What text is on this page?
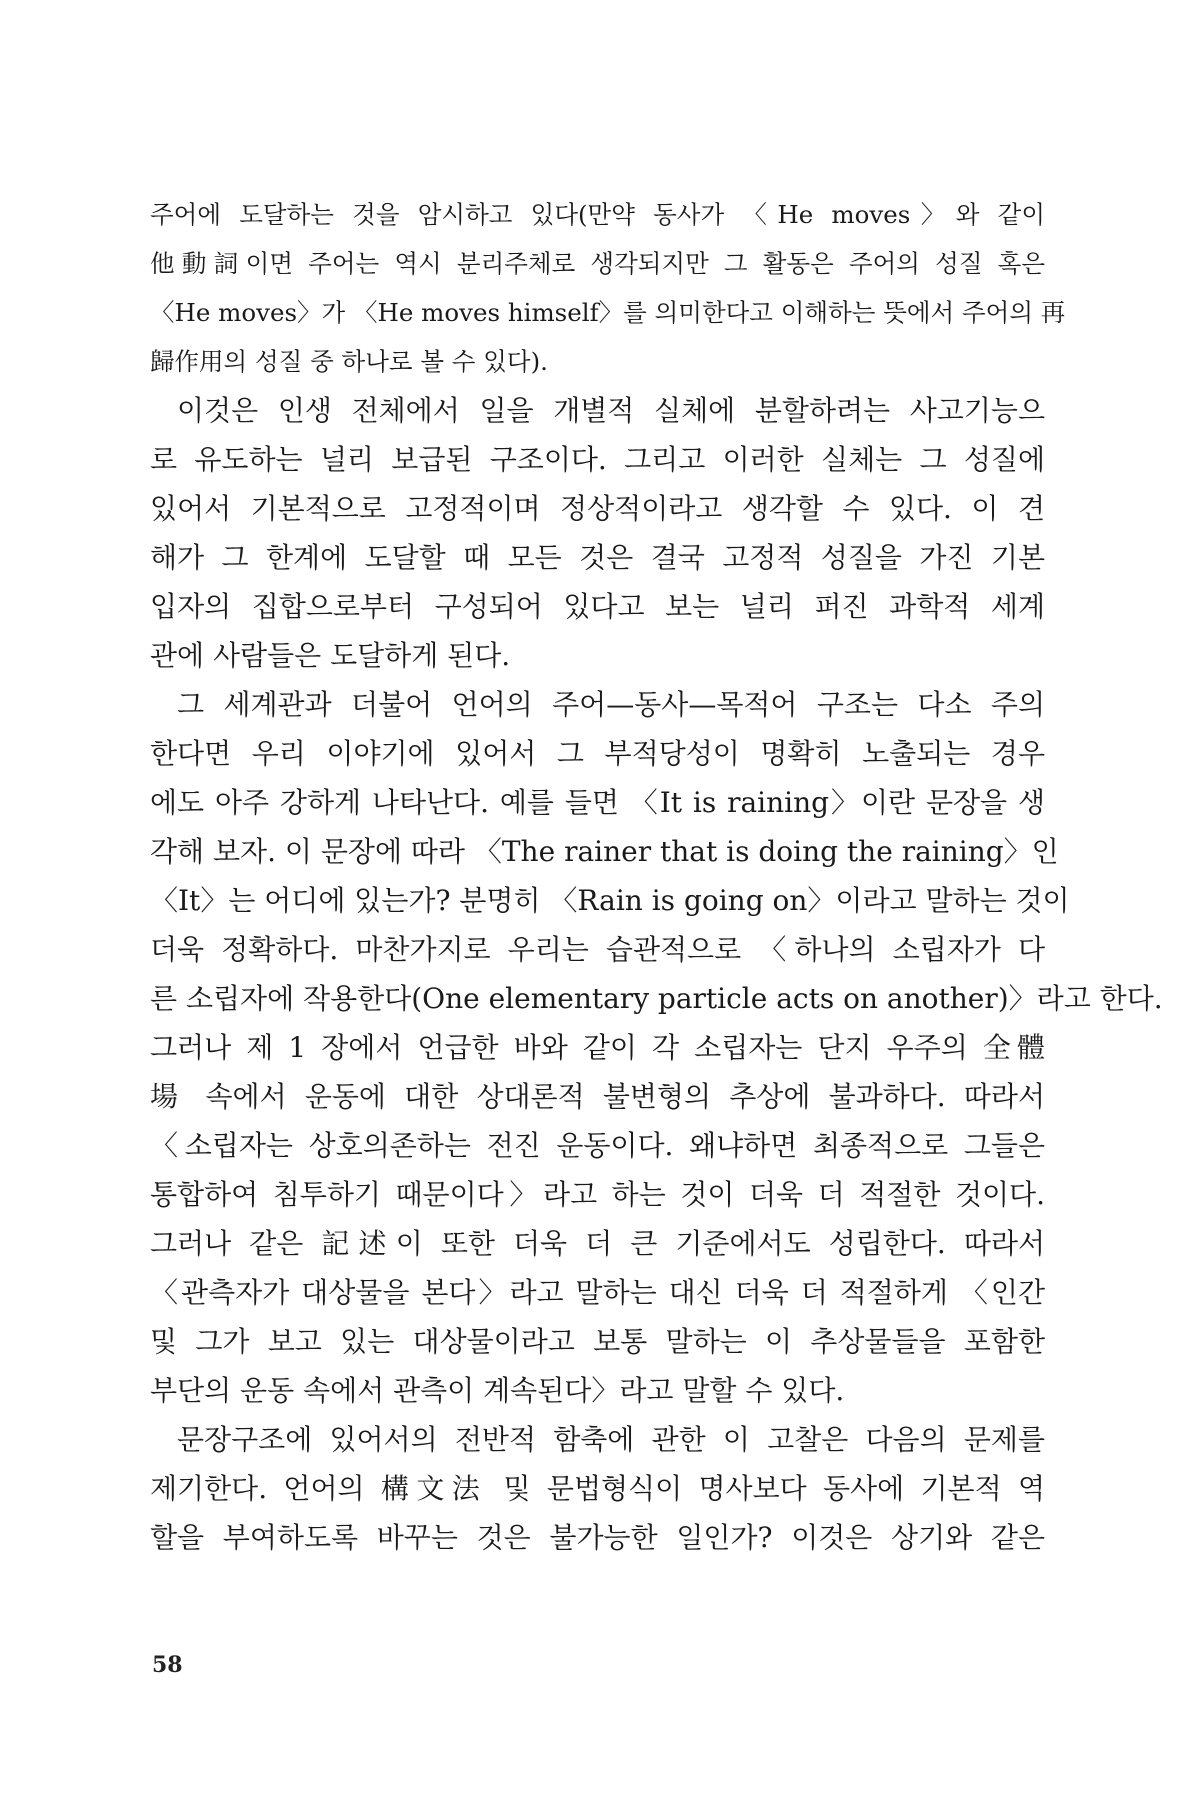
주어에 도달하는 것을 암시하고 있다(만약 동사가 〈He moves〉와 같이
他動詞이면 주어는 역시 분리주체로 생각되지만 그 활동은 주어의 성질 혹은
〈He moves〉가 〈He moves himself〉를 의미한다고 이해하는 뜻에서 주어의 再
歸作用의 성질 중 하나로 볼 수 있다).
이것은 인생 전체에서 일을 개별적 실체에 분할하려는 사고기능으
로 유도하는 널리 보급된 구조이다. 그리고 이러한 실체는 그 성질에
있어서 기본적으로 고정적이며 정상적이라고 생각할 수 있다. 이 견
해가 그 한계에 도달할 때 모든 것은 결국 고정적 성질을 가진 기본
입자의 집합으로부터 구성되어 있다고 보는 널리 퍼진 과학적 세계
관에 사람들은 도달하게 된다.
그 세계관과 더불어 언어의 주어—동사—목적어 구조는 다소 주의
한다면 우리 이야기에 있어서 그 부적당성이 명확히 노출되는 경우
에도 아주 강하게 나타난다. 예를 들면 〈It is raining〉이란 문장을 생
각해 보자. 이 문장에 따라 〈The rainer that is doing the raining〉인
〈It〉는 어디에 있는가? 분명히 〈Rain is going on〉이라고 말하는 것이
더욱 정확하다. 마찬가지로 우리는 습관적으로 〈하나의 소립자가 다
른 소립자에 작용한다(One elementary particle acts on another)〉라고 한다.
그러나 제 1 장에서 언급한 바와 같이 각 소립자는 단지 우주의 全體
場 속에서 운동에 대한 상대론적 불변형의 추상에 불과하다. 따라서
〈소립자는 상호의존하는 전진 운동이다. 왜냐하면 최종적으로 그들은
통합하여 침투하기 때문이다〉라고 하는 것이 더욱 더 적절한 것이다.
그러나 같은 記述이 또한 더욱 더 큰 기준에서도 성립한다. 따라서
〈관측자가 대상물을 본다〉라고 말하는 대신 더욱 더 적절하게 〈인간
및 그가 보고 있는 대상물이라고 보통 말하는 이 추상물들을 포함한
부단의 운동 속에서 관측이 계속된다〉라고 말할 수 있다.
문장구조에 있어서의 전반적 함축에 관한 이 고찰은 다음의 문제를
제기한다. 언어의 構文法 및 문법형식이 명사보다 동사에 기본적 역
할을 부여하도록 바꾸는 것은 불가능한 일인가? 이것은 상기와 같은
58
